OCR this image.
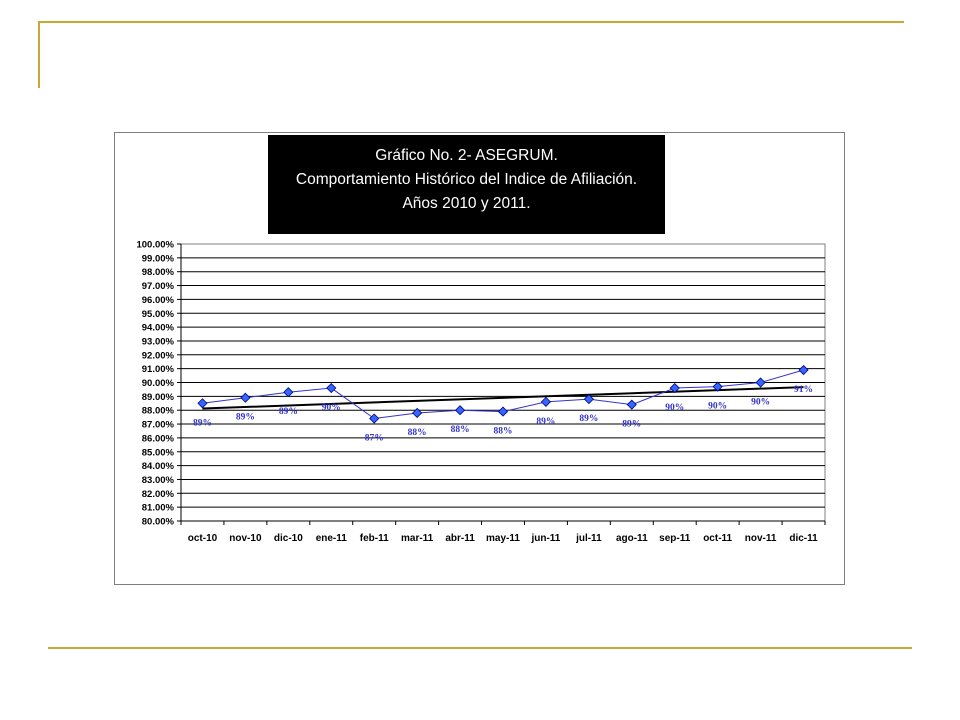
Gráfico No. 2- ASEGRUM.
Comportamiento Histórico del Indice de Afiliación.
Años 2010 y 2011.
80.00%
81.00%
82.00%
83.00%
84.00%
85.00%
86.00%
87.00%
88.00%
89.00%
90.00%
91.00%
92.00%
93.00%
94.00%
95.00%
96.00%
97.00%
98.00%
99.00%
100.00%
oct-10 nov-10 dic-10 ene-11 feb-11 mar-11 abr-11 may-11 jun-11 jul-11 ago-11 sep-11 oct-11 nov-11 dic-11
89%
89%
89%	90%
87%
88%	88%	88%
89%	89%
89%
90%	90%	90%
91%
